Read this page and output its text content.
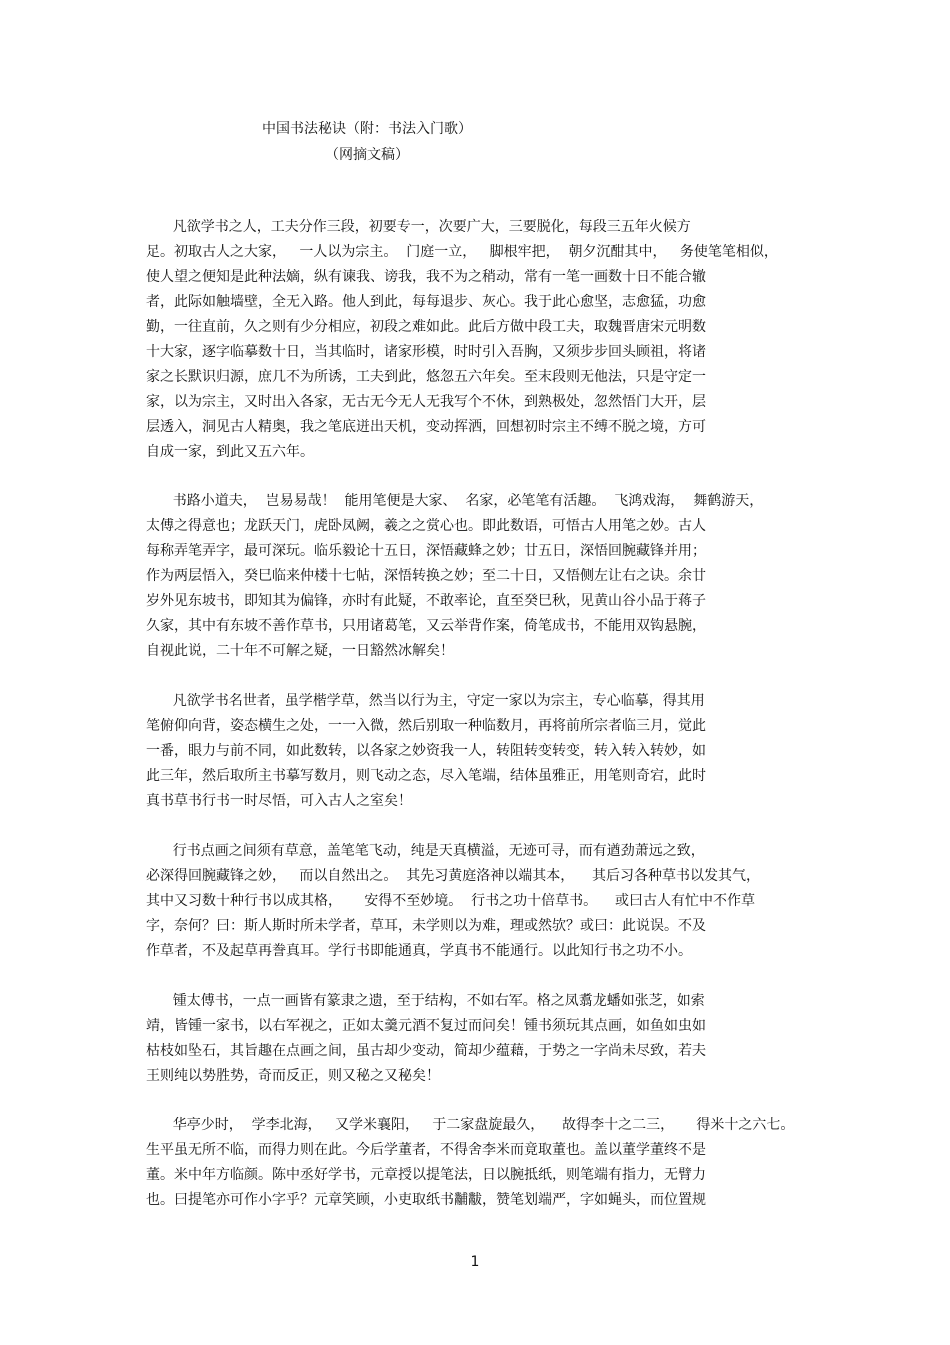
中国书法秘诀（附：书法入门歌）
（网摘文稿）
凡欲学书之人，工夫分作三段，初要专一，次要广大，三要脱化，每段三五年火候方
足。初取古人之大家，   一人以为宗主。  门庭一立，   脚根牢把，  朝夕沉酣其中，   务使笔笔相似，
使人望之便知是此种法嫡，纵有谏我、谤我，我不为之稍动，常有一笔一画数十日不能合辙
者，此际如触墙壁，全无入路。他人到此，每每退步、灰心。我于此心愈坚，志愈猛，功愈
勤，一往直前，久之则有少分相应，初段之难如此。此后方做中段工夫，取魏晋唐宋元明数
十大家，逐字临摹数十日，当其临时，诸家形模，时时引入吾胸，又须步步回头顾祖，将诸
家之长默识归源，庶几不为所诱，工夫到此，悠忽五六年矣。至末段则无他法，只是守定一
家，以为宗主，又时出入各家，无古无今无人无我写个不休，到熟极处，忽然悟门大开，层
层透入，洞见古人精奥，我之笔底迸出天机，变动挥洒，回想初时宗主不缚不脱之境，方可
自成一家，到此又五六年。
书路小道夫，  岂易易哉！  能用笔便是大家、  名家，必笔笔有活趣。  飞鸿戏海，  舞鹤游天，
太傅之得意也；龙跃天门，虎卧凤阙，羲之之赏心也。即此数语，可悟古人用笔之妙。古人
每称弄笔弄字，最可深玩。临乐毅论十五日，深悟藏蜂之妙；廿五日，深悟回腕藏锋并用；
作为两层悟入，癸巳临来仲楼十七帖，深悟转换之妙；至二十日，又悟侧左让右之诀。余廿
岁外见东坡书，即知其为偏锋，亦时有此疑，不敢率论，直至癸巳秋，见黄山谷小品于蒋子
久家，其中有东坡不善作草书，只用诸葛笔，又云举背作案，倚笔成书，不能用双钩悬腕，
自视此说，二十年不可解之疑，一日豁然冰解矣！
凡欲学书名世者，虽学楷学草，然当以行为主，守定一家以为宗主，专心临摹，得其用
笔俯仰向背，姿态横生之处，一一入微，然后别取一种临数月，再将前所宗者临三月，觉此
一番，眼力与前不同，如此数转，以各家之妙资我一人，转阻转变转变，转入转入转妙，如
此三年，然后取所主书摹写数月，则飞动之态，尽入笔端，结体虽雅正，用笔则奇宕，此时
真书草书行书一时尽悟，可入古人之室矣！
行书点画之间须有草意，盖笔笔飞动，纯是天真横溢，无迹可寻，而有遒劲萧远之致，
必深得回腕藏锋之妙，   而以自然出之。  其先习黄庭洛神以端其本，    其后习各种草书以发其气，
其中又习数十种行书以成其格，     安得不至妙境。  行书之功十倍草书。    或曰古人有忙中不作草
字，奈何？曰：斯人斯时所未学者，草耳，未学则以为难，理或然欤？或曰：此说误。不及
作草者，不及起草再誊真耳。学行书即能通真，学真书不能通行。以此知行书之功不小。
锺太傅书，一点一画皆有篆隶之遗，至于结构，不如右军。格之凤翥龙蟠如张芝，如索
靖，皆锺一家书，以右军视之，正如太羹元酒不复过而问矣！锺书须玩其点画，如鱼如虫如
枯枝如坠石，其旨趣在点画之间，虽古却少变动，简却少蕴藉，于势之一字尚未尽致，若夫
王则纯以势胜势，奇而反正，则又秘之又秘矣！
华亭少时，  学李北海，   又学米襄阳，   于二家盘旋最久，    故得李十之二三，     得米十之六七。
生平虽无所不临，而得力则在此。今后学董者，不得舍李米而竟取董也。盖以董学董终不是
董。米中年方临颜。陈中丞好学书，元章授以提笔法，日以腕抵纸，则笔端有指力，无臂力
也。曰提笔亦可作小字乎？元章笑顾，小吏取纸书黼黻，赞笔划端严，字如蝇头，而位置规
1
